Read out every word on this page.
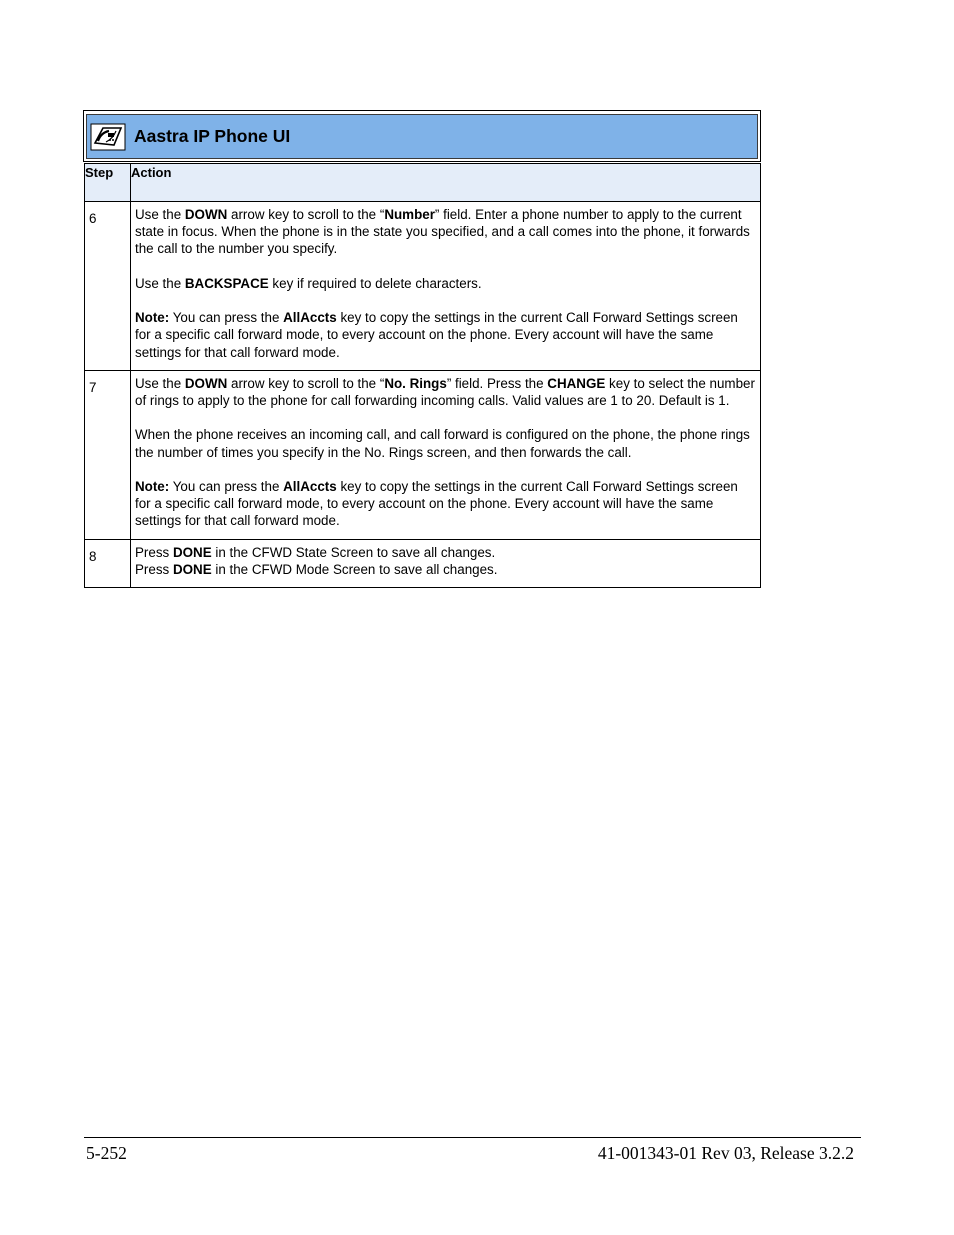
Aastra IP Phone UI
Step	Action
6	Use the DOWN arrow key to scroll to the “Number” field. Enter a phone number to apply to the current state in focus. When the phone is in the state you specified, and a call comes into the phone, it forwards the call to the number you specify.

Use the BACKSPACE key if required to delete characters.

Note: You can press the AllAccts key to copy the settings in the current Call Forward Settings screen for a specific call forward mode, to every account on the phone. Every account will have the same settings for that call forward mode.

7	Use the DOWN arrow key to scroll to the “No. Rings” field. Press the CHANGE key to select the number of rings to apply to the phone for call forwarding incoming calls. Valid values are 1 to 20. Default is 1.

When the phone receives an incoming call, and call forward is configured on the phone, the phone rings the number of times you specify in the No. Rings screen, and then forwards the call.

Note: You can press the AllAccts key to copy the settings in the current Call Forward Settings screen for a specific call forward mode, to every account on the phone. Every account will have the same settings for that call forward mode.

8	Press DONE in the CFWD State Screen to save all changes.
Press DONE in the CFWD Mode Screen to save all changes.

5-252	41-001343-01 Rev 03, Release 3.2.2
